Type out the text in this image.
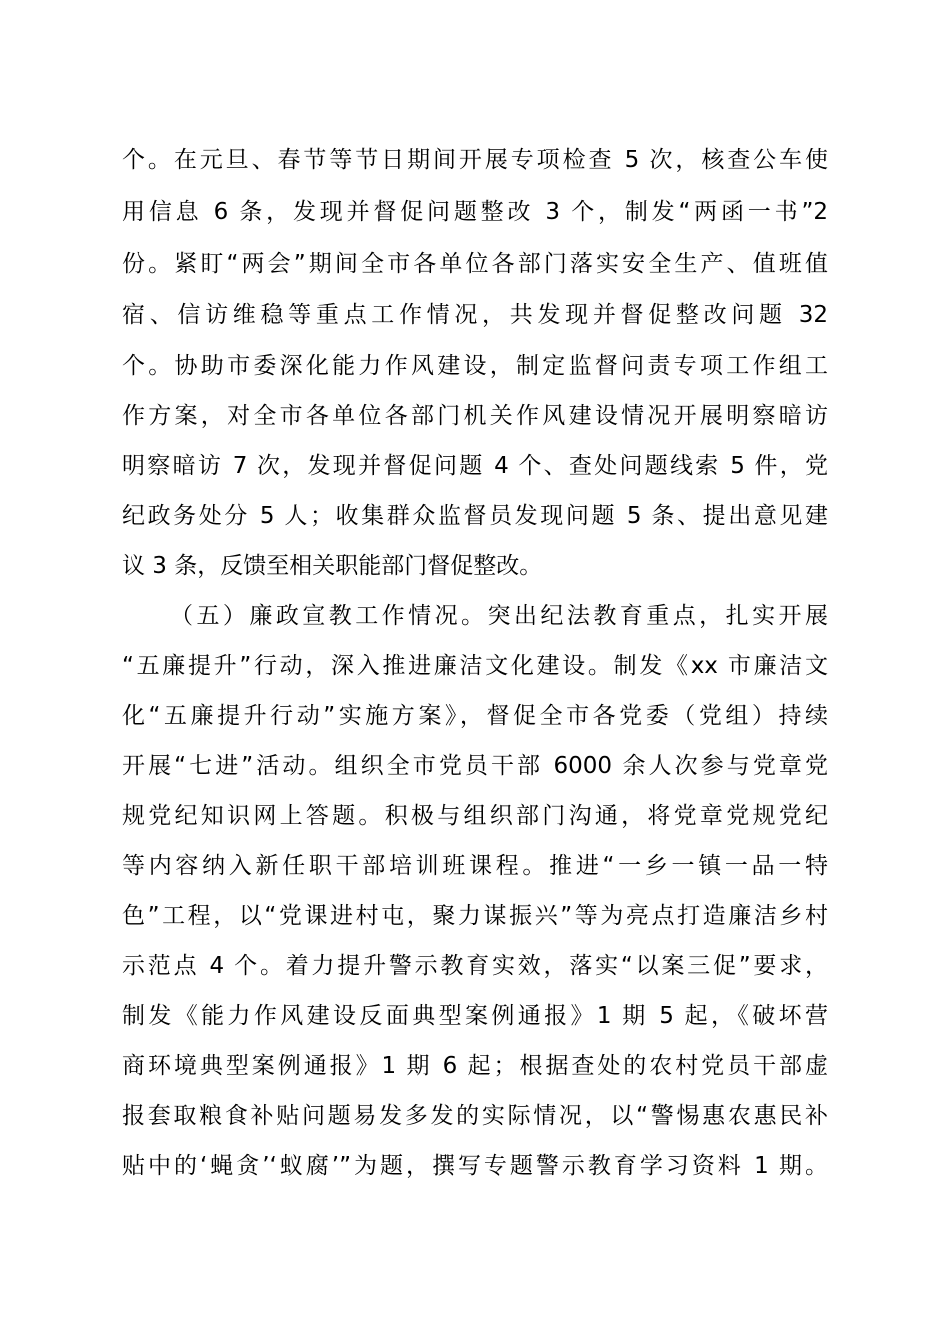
个。在元旦、春节等节日期间开展专项检查 5 次，核查公车使
用信息 6 条，发现并督促问题整改 3 个，制发“两函一书”2
份。紧盯“两会”期间全市各单位各部门落实安全生产、值班值
宿、信访维稳等重点工作情况，共发现并督促整改问题 32
个。协助市委深化能力作风建设，制定监督问责专项工作组工
作方案，对全市各单位各部门机关作风建设情况开展明察暗访
明察暗访 7 次，发现并督促问题 4 个、查处问题线索 5 件，党
纪政务处分 5 人；收集群众监督员发现问题 5 条、提出意见建
议 3 条，反馈至相关职能部门督促整改。
（五）廉政宣教工作情况。突出纪法教育重点，扎实开展
“五廉提升”行动，深入推进廉洁文化建设。制发《xx 市廉洁文
化“五廉提升行动”实施方案》，督促全市各党委（党组）持续
开展“七进”活动。组织全市党员干部 6000 余人次参与党章党
规党纪知识网上答题。积极与组织部门沟通，将党章党规党纪
等内容纳入新任职干部培训班课程。推进“一乡一镇一品一特
色”工程，以“党课进村屯，聚力谋振兴”等为亮点打造廉洁乡村
示范点 4 个。着力提升警示教育实效，落实“以案三促”要求，
制发《能力作风建设反面典型案例通报》1 期 5 起，《破坏营
商环境典型案例通报》1 期 6 起；根据查处的农村党员干部虚
报套取粮食补贴问题易发多发的实际情况，以“警惕惠农惠民补
贴中的‘蝇贪’‘蚁腐’”为题，撰写专题警示教育学习资料 1 期。
